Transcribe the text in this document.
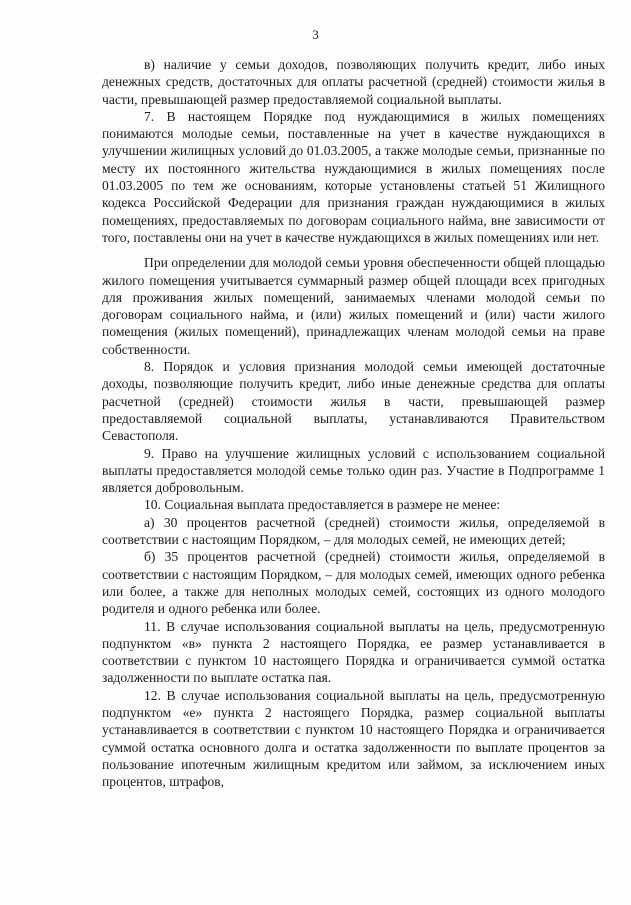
3

в) наличие у семьи доходов, позволяющих получить кредит, либо иных денежных средств, достаточных для оплаты расчетной (средней) стоимости жилья в части, превышающей размер предоставляемой социальной выплаты.

7. В настоящем Порядке под нуждающимися в жилых помещениях понимаются молодые семьи, поставленные на учет в качестве нуждающихся в улучшении жилищных условий до 01.03.2005, а также молодые семьи, признанные по месту их постоянного жительства нуждающимися в жилых помещениях после 01.03.2005 по тем же основаниям, которые установлены статьей 51 Жилищного кодекса Российской Федерации для признания граждан нуждающимися в жилых помещениях, предоставляемых по договорам социального найма, вне зависимости от того, поставлены они на учет в качестве нуждающихся в жилых помещениях или нет.

При определении для молодой семьи уровня обеспеченности общей площадью жилого помещения учитывается суммарный размер общей площади всех пригодных для проживания жилых помещений, занимаемых членами молодой семьи по договорам социального найма, и (или) жилых помещений и (или) части жилого помещения (жилых помещений), принадлежащих членам молодой семьи на праве собственности.

8. Порядок и условия признания молодой семьи имеющей достаточные доходы, позволяющие получить кредит, либо иные денежные средства для оплаты расчетной (средней) стоимости жилья в части, превышающей размер предоставляемой социальной выплаты, устанавливаются Правительством Севастополя.

9. Право на улучшение жилищных условий с использованием социальной выплаты предоставляется молодой семье только один раз. Участие в Подпрограмме 1 является добровольным.

10. Социальная выплата предоставляется в размере не менее:

а) 30 процентов расчетной (средней) стоимости жилья, определяемой в соответствии с настоящим Порядком, – для молодых семей, не имеющих детей;

б) 35 процентов расчетной (средней) стоимости жилья, определяемой в соответствии с настоящим Порядком, – для молодых семей, имеющих одного ребенка или более, а также для неполных молодых семей, состоящих из одного молодого родителя и одного ребенка или более.

11. В случае использования социальной выплаты на цель, предусмотренную подпунктом «в» пункта 2 настоящего Порядка, ее размер устанавливается в соответствии с пунктом 10 настоящего Порядка и ограничивается суммой остатка задолженности по выплате остатка пая.

12. В случае использования социальной выплаты на цель, предусмотренную подпунктом «е» пункта 2 настоящего Порядка, размер социальной выплаты устанавливается в соответствии с пунктом 10 настоящего Порядка и ограничивается суммой остатка основного долга и остатка задолженности по выплате процентов за пользование ипотечным жилищным кредитом или займом, за исключением иных процентов, штрафов,
